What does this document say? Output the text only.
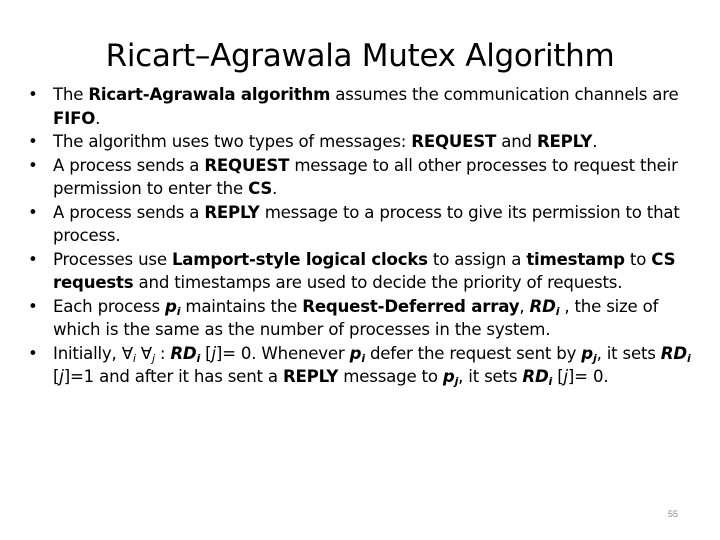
Ricart–Agrawala Mutex Algorithm
• The Ricart-Agrawala algorithm assumes the communication channels are FIFO.
• The algorithm uses two types of messages: REQUEST and REPLY.
• A process sends a REQUEST message to all other processes to request their permission to enter the CS.
• A process sends a REPLY message to a process to give its permission to that process.
• Processes use Lamport-style logical clocks to assign a timestamp to CS requests and timestamps are used to decide the priority of requests.
• Each process $p_i$ maintains the Request-Deferred array, $RD_i$ , the size of which is the same as the number of processes in the system.
• Initially, $\forall_i$ $\forall_j$ : $RD_i$ [j]= 0. Whenever $p_i$ defer the request sent by $p_j$, it sets $RD_i$ [j]=1 and after it has sent a REPLY message to $p_j$, it sets $RD_i$ [j]= 0.
55
